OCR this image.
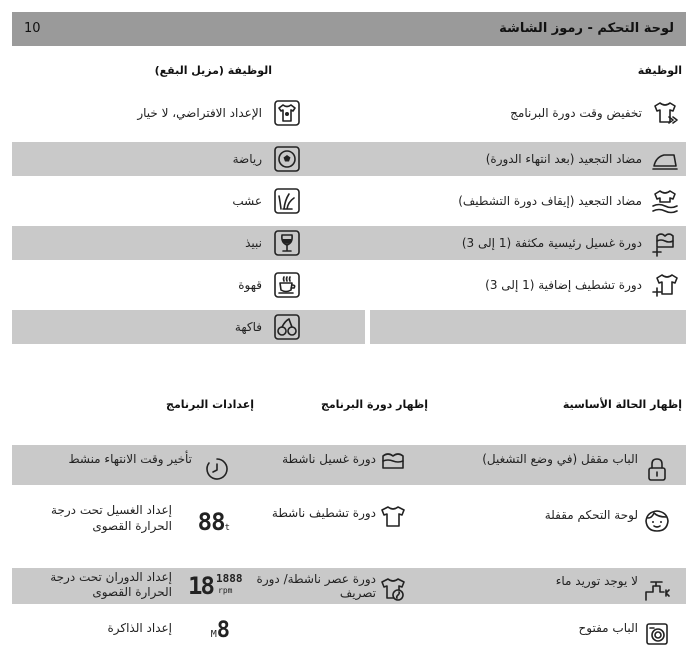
لوحة التحكم - رموز الشاشة
10
الوظيفة
الوظيفة (مزيل البقع)
تخفيض وقت دورة البرنامج
مضاد التجعيد (بعد انتهاء الدورة)
مضاد التجعيد (إيقاف دورة التشطيف)
دورة غسيل رئيسية مكثفة (1 إلى 3)
دورة تشطيف إضافية (1 إلى 3)
الإعداد الافتراضي، لا خيار
رياضة
عشب
نبيذ
قهوة
فاكهة
إظهار الحالة الأساسية
إظهار دورة البرنامج
إعدادات البرنامج
الباب مقفل (في وضع التشغيل)
لوحة التحكم مقفلة
لا يوجد توريد ماء
الباب مفتوح
دورة غسيل ناشطة
دورة تشطيف ناشطة
دورة عصر ناشطة/ دورة تصريف
تأخير وقت الانتهاء منشط
88t
إعداد الغسيل تحت درجة الحرارة القصوى
18 1888
rpm
إعداد الدوران تحت درجة الحرارة القصوى
M8
إعداد الذاكرة
